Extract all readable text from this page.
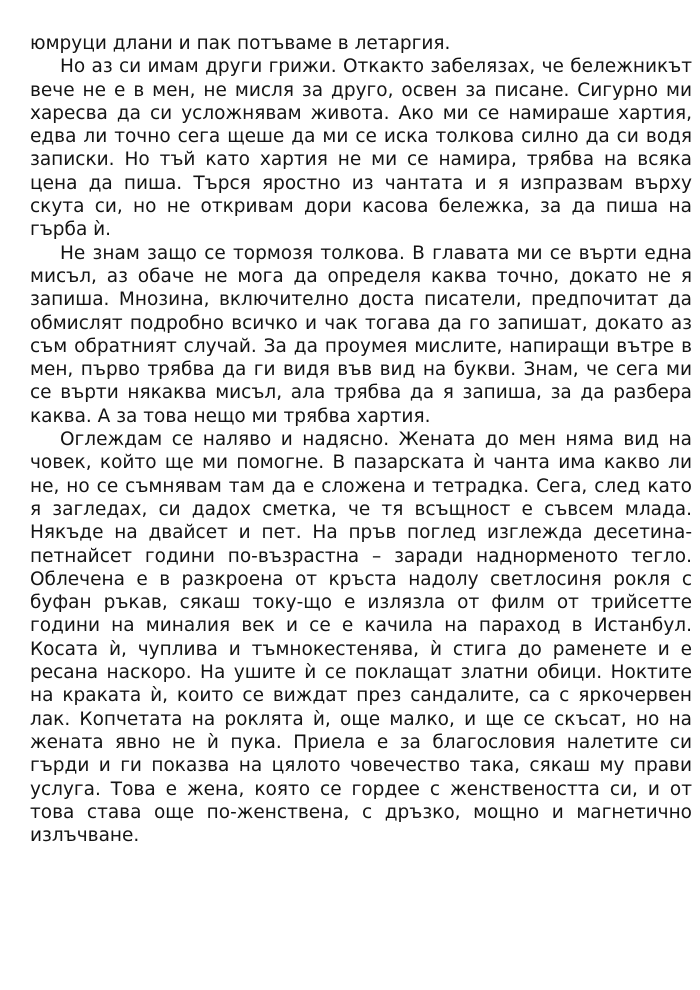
юмруци длани и пак потъваме в летаргия.

Но аз си имам други грижи. Откакто забелязах, че бележникът вече не е в мен, не мисля за друго, освен за писане. Сигурно ми харесва да си усложнявам живота. Ако ми се намираше хартия, едва ли точно сега щеше да ми се иска толкова силно да си водя записки. Но тъй като хартия не ми се намира, трябва на всяка цена да пиша. Търся яростно из чантата и я изпразвам върху скута си, но не откривам дори касова бележка, за да пиша на гърба ѝ.

Не знам защо се тормозя толкова. В главата ми се върти една мисъл, аз обаче не мога да определя каква точно, докато не я запиша. Мнозина, включително доста писатели, предпочитат да обмислят подробно всичко и чак тогава да го запишат, докато аз съм обратният случай. За да проумея мислите, напиращи вътре в мен, първо трябва да ги видя във вид на букви. Знам, че сега ми се върти някаква мисъл, ала трябва да я запиша, за да разбера каква. А за това нещо ми трябва хартия.

Оглеждам се наляво и надясно. Жената до мен няма вид на човек, който ще ми помогне. В пазарската ѝ чанта има какво ли не, но се съмнявам там да е сложена и тетрадка. Сега, след като я загледах, си дадох сметка, че тя всъщност е съвсем млада. Някъде на двайсет и пет. На пръв поглед изглежда десетина-петнайсет години по-възрастна – заради наднорменото тегло. Облечена е в разкроена от кръста надолу светлосиня рокля с буфан ръкав, сякаш току-що е излязла от филм от трийсетте години на миналия век и се е качила на параход в Истанбул. Косата ѝ, чуплива и тъмнокестенява, ѝ стига до раменете и е ресана наскоро. На ушите ѝ се поклащат златни обици. Ноктите на краката ѝ, които се виждат през сандалите, са с яркочервен лак. Копчетата на роклята ѝ, още малко, и ще се скъсат, но на жената явно не ѝ пука. Приела е за благословия налетите си гърди и ги показва на цялото човечество така, сякаш му прави услуга. Това е жена, която се гордее с женствеността си, и от това става още по-женствена, с дръзко, мощно и магнетично излъчване.
